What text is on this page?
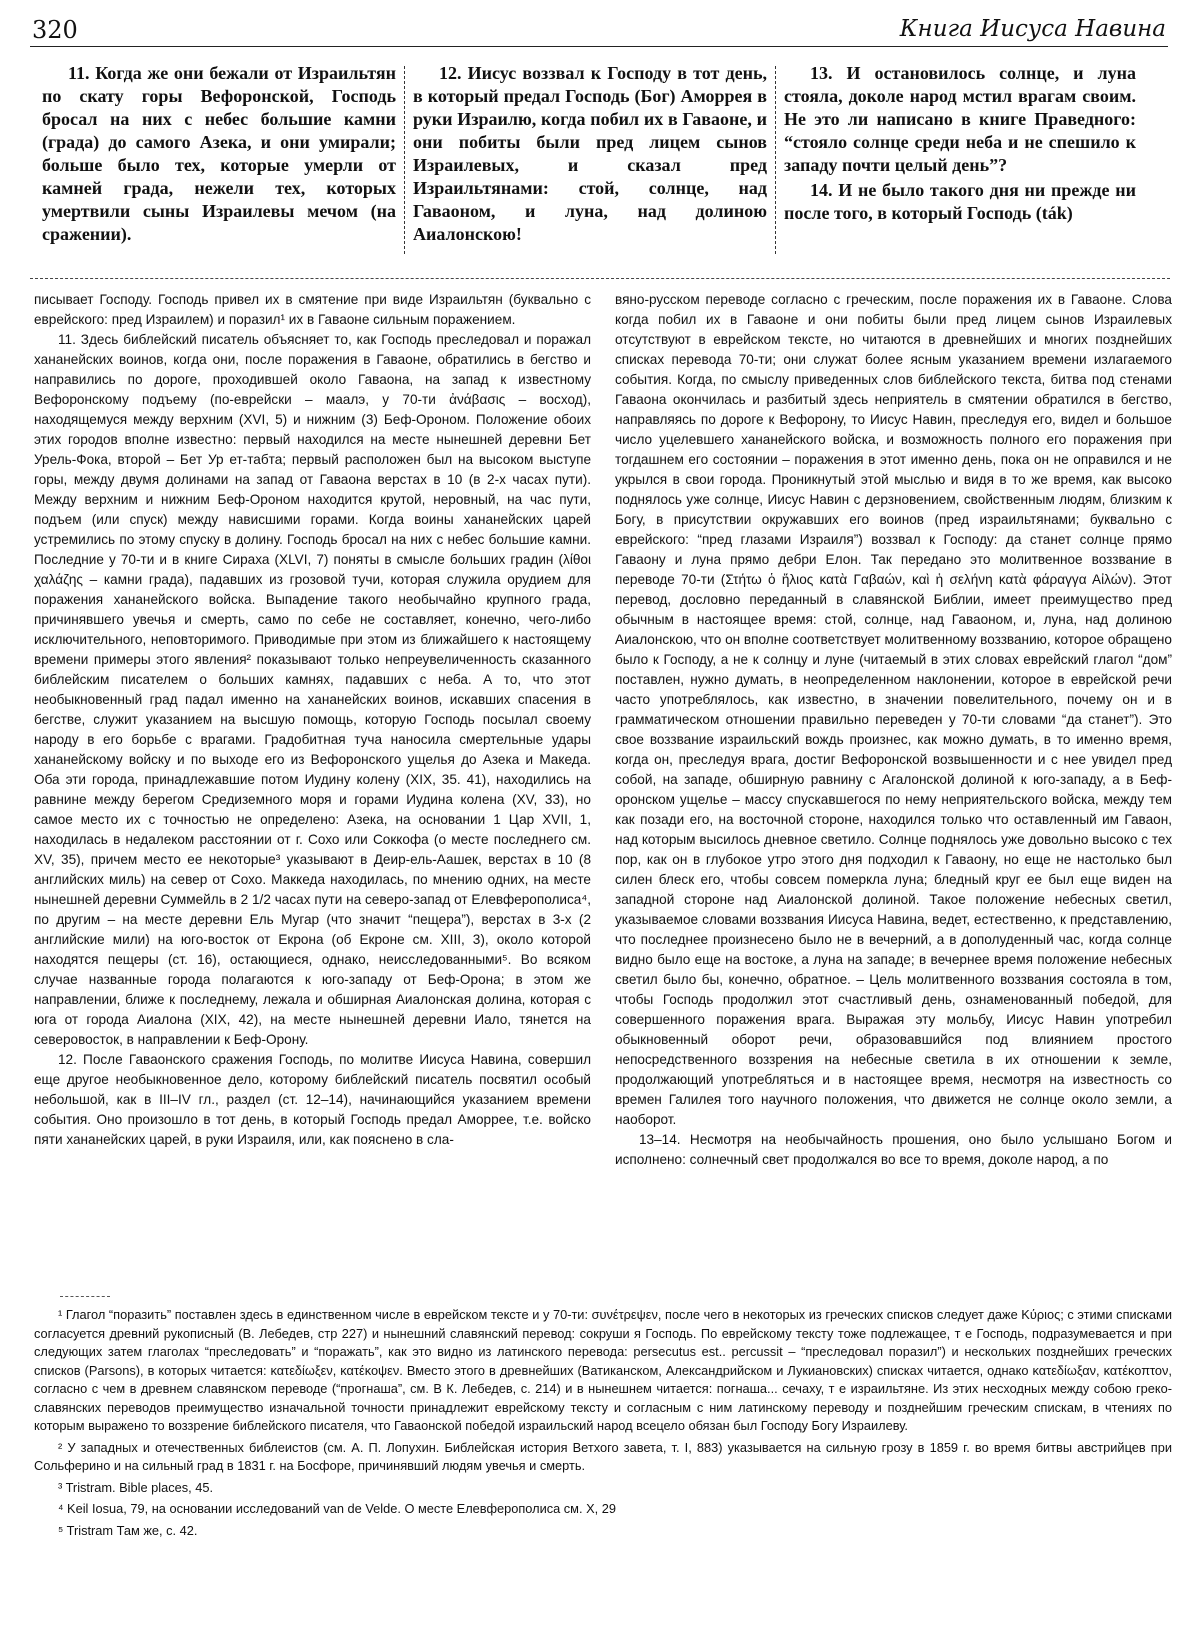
320	Книга Иисуса Навина

11. Когда же они бежали от Израильтян по скату горы Вефоронской, Господь бросал на них с небес большие камни (града) до самого Азека, и они умирали; больше было тех, которые умерли от камней града, нежели тех, которых умертвили сыны Израилевы мечом (на сражении).

12. Иисус воззвал к Господу в тот день, в который предал Господь (Бог) Аморрея в руки Израилю, когда побил их в Гаваоне, и они побиты были пред лицем сынов Израилевых, и сказал пред Израильтянами: стой, солнце, над Гаваоном, и луна, над долиною Аиалонскою!

13. И остановилось солнце, и луна стояла, доколе народ мстил врагам своим. Не это ли написано в книге Праведного: “стояло солнце среди неба и не спешило к западу почти целый день”?

14. И не было такого дня ни прежде ни после того, в который Господь (ták)

писывает Господу. Господь привел их в смятение при виде Израильтян (буквально с еврейского: пред Израилем) и поразил¹ их в Гаваоне сильным поражением.

11. Здесь библейский писатель объясняет то, как Господь преследовал и поражал хананейских воинов, когда они, после поражения в Гаваоне, обратились в бегство и направились по дороге, проходившей около Гаваона, на запад к известному Вефоронскому подъему (по-еврейски – маалэ, у 70-ти ἀνάβασις – восход), находящемуся между верхним (XVI, 5) и нижним (3) Беф-Ороном. Положение обоих этих городов вполне известно: первый находился на месте нынешней деревни Бет Урель-Фока, второй – Бет Ур ет-табта; первый расположен был на высоком выступе горы, между двумя долинами на запад от Гаваона верстах в 10 (в 2-х часах пути). Между верхним и нижним Беф-Ороном находится крутой, неровный, на час пути, подъем (или спуск) между нависшими горами. Когда воины хананейских царей устремились по этому спуску в долину. Господь бросал на них с небес большие камни. Последние у 70-ти и в книге Сираха (XLVI, 7) поняты в смысле больших градин (λίθοι χαλάζης – камни града), падавших из грозовой тучи, которая служила орудием для поражения хананейского войска. Выпадение такого необычайно крупного града, причинявшего увечья и смерть, само по себе не составляет, конечно, чего-либо исключительного, неповторимого. Приводимые при этом из ближайшего к настоящему времени примеры этого явления² показывают только непреувеличенность сказанного библейским писателем о больших камнях, падавших с неба. А то, что этот необыкновенный град падал именно на хананейских воинов, искавших спасения в бегстве, служит указанием на высшую помощь, которую Господь посылал своему народу в его борьбе с врагами. Градобитная туча наносила смертельные удары хананейскому войску и по выходе его из Вефоронского ущелья до Азека и Македа. Оба эти города, принадлежавшие потом Иудину колену (XIX, 35. 41), находились на равнине между берегом Средиземного моря и горами Иудина колена (XV, 33), но самое место их с точностью не определено: Азека, на основании 1 Цар XVII, 1, находилась в недалеком расстоянии от г. Сохо или Соккофа (о месте последнего см. XV, 35), причем место ее некоторые³ указывают в Деир-ель-Аашек, верстах в 10 (8 английских миль) на север от Сохо. Маккеда находилась, по мнению одних, на месте нынешней деревни Суммейль в 2 1/2 часах пути на северо-запад от Елевферополиса⁴, по другим – на месте деревни Ель Мугар (что значит “пещера”), верстах в 3-х (2 английские мили) на юго-восток от Екрона (об Екроне см. XIII, 3), около которой находятся пещеры (ст. 16), остающиеся, однако, неисследованными⁵. Во всяком случае названные города полагаются к юго-западу от Беф-Орона; в этом же направлении, ближе к последнему, лежала и обширная Аиалонская долина, которая с юга от города Аиалона (XIX, 42), на месте нынешней деревни Иало, тянется на северовосток, в направлении к Беф-Орону.

12. После Гаваонского сражения Господь, по молитве Иисуса Навина, совершил еще другое необыкновенное дело, которому библейский писатель посвятил особый небольшой, как в III–IV гл., раздел (ст. 12–14), начинающийся указанием времени события. Оно произошло в тот день, в который Господь предал Аморрее, т.е. войско пяти хананейских царей, в руки Израиля, или, как пояснено в сла-

вяно-русском переводе согласно с греческим, после поражения их в Гаваоне. Слова когда побил их в Гаваоне и они побиты были пред лицем сынов Израилевых отсутствуют в еврейском тексте, но читаются в древнейших и многих позднейших списках перевода 70-ти; они служат более ясным указанием времени излагаемого события. Когда, по смыслу приведенных слов библейского текста, битва под стенами Гаваона окончилась и разбитый здесь неприятель в смятении обратился в бегство, направляясь по дороге к Вефорону, то Иисус Навин, преследуя его, видел и большое число уцелевшего хананейского войска, и возможность полного его поражения при тогдашнем его состоянии – поражения в этот именно день, пока он не оправился и не укрылся в свои города. Проникнутый этой мыслью и видя в то же время, как высоко поднялось уже солнце, Иисус Навин с дерзновением, свойственным людям, близким к Богу, в присутствии окружавших его воинов (пред израильтянами; буквально с еврейского: “пред глазами Израиля”) воззвал к Господу: да станет солнце прямо Гаваону и луна прямо дебри Елон. Так передано это молитвенное воззвание в переводе 70-ти (Στήτω ὁ ἥλιος κατὰ Γαβαών, καὶ ἡ σελήνη κατὰ φάραγγα Αἰλών). Этот перевод, дословно переданный в славянской Библии, имеет преимущество пред обычным в настоящее время: стой, солнце, над Гаваоном, и, луна, над долиною Аиалонскою, что он вполне соответствует молитвенному воззванию, которое обращено было к Господу, а не к солнцу и луне (читаемый в этих словах еврейский глагол “дом” поставлен, нужно думать, в неопределенном наклонении, которое в еврейской речи часто употреблялось, как известно, в значении повелительного, почему он и в грамматическом отношении правильно переведен у 70-ти словами “да станет”). Это свое воззвание израильский вождь произнес, как можно думать, в то именно время, когда он, преследуя врага, достиг Вефоронской возвышенности и с нее увидел пред собой, на западе, обширную равнину с Агалонской долиной к юго-западу, а в Беф-оронском ущелье – массу спускавшегося по нему неприятельского войска, между тем как позади его, на восточной стороне, находился только что оставленный им Гаваон, над которым высилось дневное светило. Солнце поднялось уже довольно высоко с тех пор, как он в глубокое утро этого дня подходил к Гаваону, но еще не настолько был силен блеск его, чтобы совсем померкла луна; бледный круг ее был еще виден на западной стороне над Аиалонской долиной. Такое положение небесных светил, указываемое словами воззвания Иисуса Навина, ведет, естественно, к представлению, что последнее произнесено было не в вечерний, а в дополуденный час, когда солнце видно было еще на востоке, а луна на западе; в вечернее время положение небесных светил было бы, конечно, обратное. – Цель молитвенного воззвания состояла в том, чтобы Господь продолжил этот счастливый день, ознаменованный победой, для совершенного поражения врага. Выражая эту мольбу, Иисус Навин употребил обыкновенный оборот речи, образовавшийся под влиянием простого непосредственного воззрения на небесные светила в их отношении к земле, продолжающий употребляться и в настоящее время, несмотря на известность со времен Галилея того научного положения, что движется не солнце около земли, а наоборот.

13–14. Несмотря на необычайность прошения, оно было услышано Богом и исполнено: солнечный свет продолжался во все то время, доколе народ, а по

¹ Глагол “поразить” поставлен здесь в единственном числе в еврейском тексте и у 70-ти: συνέτρεψεν, после чего в некоторых из греческих списков следует даже Κύριος; с этими списками согласуется древний рукописный (В. Лебедев, стр 227) и нынешний славянский перевод: сокруши я Господь. По еврейскому тексту тоже подлежащее, т е Господь, подразумевается и при следующих затем глаголах “преследовать” и “поражать”, как это видно из латинского перевода: persecutus est.. percussit – “преследовал поразил”) и нескольких позднейших греческих списков (Parsons), в которых читается: κατεδίωξεν, κατέκοψεν. Вместо этого в древнейших (Ватиканском, Александрийском и Лукиановских) списках читается, однако κατεδίωξαν, κατέκοπτον, согласно с чем в древнем славянском переводе (“прогнаша”, см. В К. Лебедев, с. 214) и в нынешнем читается: погнаша... сечаху, т е израильтяне. Из этих несходных между собою греко-славянских переводов преимущество изначальной точности принадлежит еврейскому тексту и согласным с ним латинскому переводу и позднейшим греческим спискам, в чтениях по которым выражено то воззрение библейского писателя, что Гаваонской победой израильский народ всецело обязан был Господу Богу Израилеву.

² У западных и отечественных библеистов (см. А. П. Лопухин. Библейская история Ветхого завета, т. I, 883) указывается на сильную грозу в 1859 г. во время битвы австрийцев при Сольферино и на сильный град в 1831 г. на Босфоре, причинявший людям увечья и смерть.

³ Tristram. Bible places, 45.

⁴ Keil Iosua, 79, на основании исследований van de Velde. О месте Елевферополиса см. Х, 29

⁵ Tristram Там же, с. 42.
